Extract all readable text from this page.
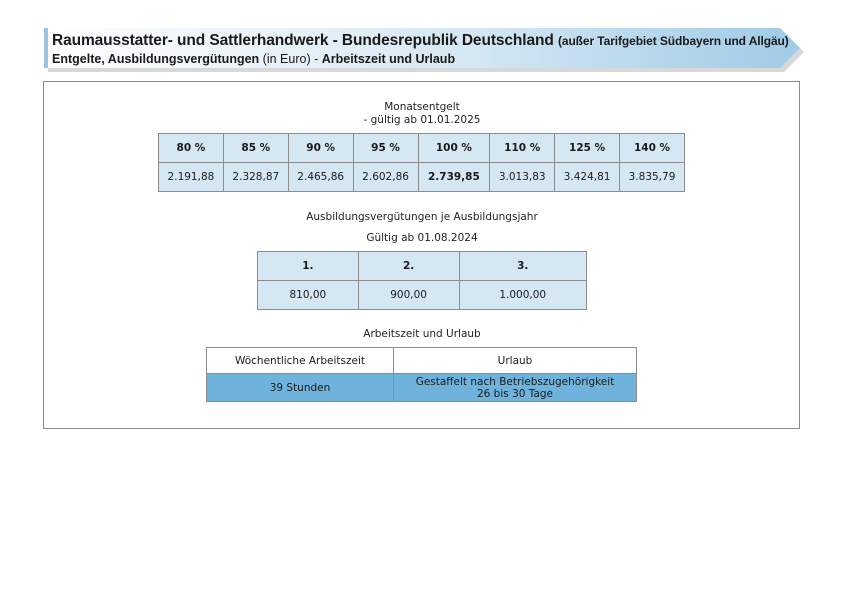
Raumausstatter- und Sattlerhandwerk - Bundesrepublik Deutschland (außer Tarifgebiet Südbayern und Allgäu)
Entgelte, Ausbildungsvergütungen (in Euro) - Arbeitszeit und Urlaub
Monatsentgelt
- gültig ab 01.01.2025
80 %	85 %	90 %	95 %	100 %	110 %	125 %	140 %
2.191,88	2.328,87	2.465,86	2.602,86	2.739,85	3.013,83	3.424,81	3.835,79
Ausbildungsvergütungen je Ausbildungsjahr
Gültig ab 01.08.2024
1.	2.	3.
810,00	900,00	1.000,00
Arbeitszeit und Urlaub
Wöchentliche Arbeitszeit	Urlaub
39 Stunden	Gestaffelt nach Betriebszugehörigkeit
26 bis 30 Tage
